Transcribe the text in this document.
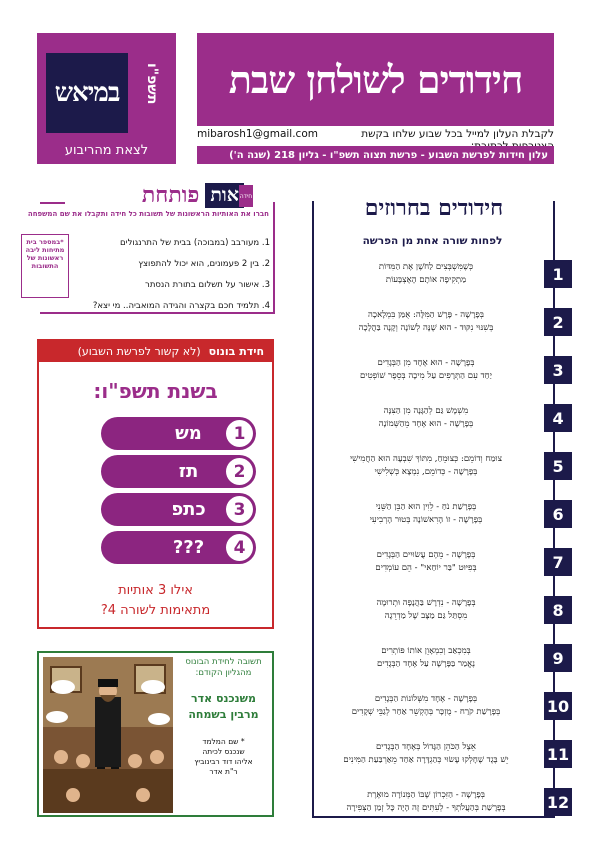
במיאש	תשפ"ו
לצאת מהריבוע
חידודים לשולחן שבת
לקבלת העלון למייל בכל שבוע שלחו בקשת
mibarosh1@gmail.com
עלון חידות לפרשת השבוע - פרשת תצוה תשפ"ו - גליון 218 (שנה ה')
חידודים בחרוזים
לפחות שורה אחת מן הפרשה
1
כְּשֶׁמִּשְׁבְּצִים לַחֹשֶׁן אֶת הַמִּדּוֹת
מַתְקִיפָה אוֹתָם הָאֶצְבָּעוֹת
2
בְּפָרָשָׁה - פָּרָשׁ הַמִּלָּה: אֻמַּן בִּמְלָאכָה
בְּשִׁנּוּי נִקּוּד - הוּא שֶׁנָּה לְשׁוֹנָה וְקָנָה בַּהֲלָכָה
3
בְּפָרָשָׁה - הוּא אֶחָד מִן הַבְּגָדִים
יַחַד עִם הַתְּרָפִים עַל מִיכָה בְּסֵפֶר שׁוֹפְטִים
4
מִשְׁמָשׁ גַּם לְהַגָּנָה מִן הַצִּנָּה
בְּפָרָשָׁה - הוּא אֶחָד מֵהַשְּׁמוֹנָה
5
צוּמַח וְדוֹמֵם: כְּצוּמֵחַ, מִתּוֹךְ שִׁבְעָה הוּא הַחֲמִישִׁי
בְּפָרָשָׁה - כְּדוֹמֵם, נִמְצָא כְּשְׁלִישִׁי
6
בְּפָרָשַׁת נֹחַ - לֵוִין הוּא הַבֵּן הַשֵּׁנִי
בְּפָרָשָׁה - זוֹ הָרִאשׁוֹנָה בְּטוּר הָרְבִיעִי
7
בְּפָרָשָׁה - מֵהֶם עֲשׂוּיִים הַבְּגָדִים
בְּפִיּוּט "בַּר יוֹחַאי" - הֵם עוֹמְדִים
8
בְּפָרָשָׁה - נִדְרָשׁ בַּהֲנָפָה וּתְרוּמָה
מִסְתַּל גַּם מַצָּב שֶׁל מַדְרֵגָה
9
בְּמִכְאַב וְכִמְאָוֵן אוֹתוֹ פּוֹתְרִים
נֶאֱמַר בַּפָּרָשָׁה עַל אֶחָד הַבְּגָדִים
10
בְּפָרָשָׁה - אֶחָד מִשְּׁלוֹנוֹת הַבְּגָדִים
בְּפָרָשַׁת קֹרַח - מֻזְכָּר בְּהֶקְשֵׁר אַחַר לְגַבֵּי שְׁקָדִים
11
אֵצֶל הַכֹּהֵן הַגָּדוֹל בְּאֶחָד הַבְּגָדִים
יֵשׁ בֶּגֶד שֶׁחָלְקוּ עָשׂוּי כְּהַגְדָּרָה אַחַד מֵאַרְבַּעַת הַמִּינִים
12
בְּפָרָשָׁה - הַזִּכְרוֹן שֶׁבּוֹ הַמְּנוֹרָה מוּאֶרֶת
בְּפָרָשַׁת בְּהַעֲלֹתְךָ - לְעִתִּים זֶה הָיָה כָּל זְמַן הַצְּפִירָה
אות
פותחת	חידה
חברו את האותיות הראשונות של תשובות כל חידה ותקבלו את שם המשפחה
1. מעורבב (במבוכה) בבית של התרנגולים
2. בין 2 פעמונים, הוא יכול להתפוצץ
3. אישור על תשלום בתורת הנסתר
4. תלמיד חכם בקצרה והגידה המואביה.. מי יצא?
*במספר בית מתיחות ליבה ראשונות של התשובות
חידת בונוס
(לא קשור לפרשת השבוע)
בשנת תשפ"ו:
1
מש
2
תז
3
כתפ
4
???
אילו 3 אותיות
מתאימות לשורה 4?
תשובה לחידת הבונוס
מהגליון הקודם:
משנכנס אדר
מרבין בשמחה
* שם המלמד
שנכנס לכיתה
אליהו דוד רבינוביץ
ר"ת אדר
